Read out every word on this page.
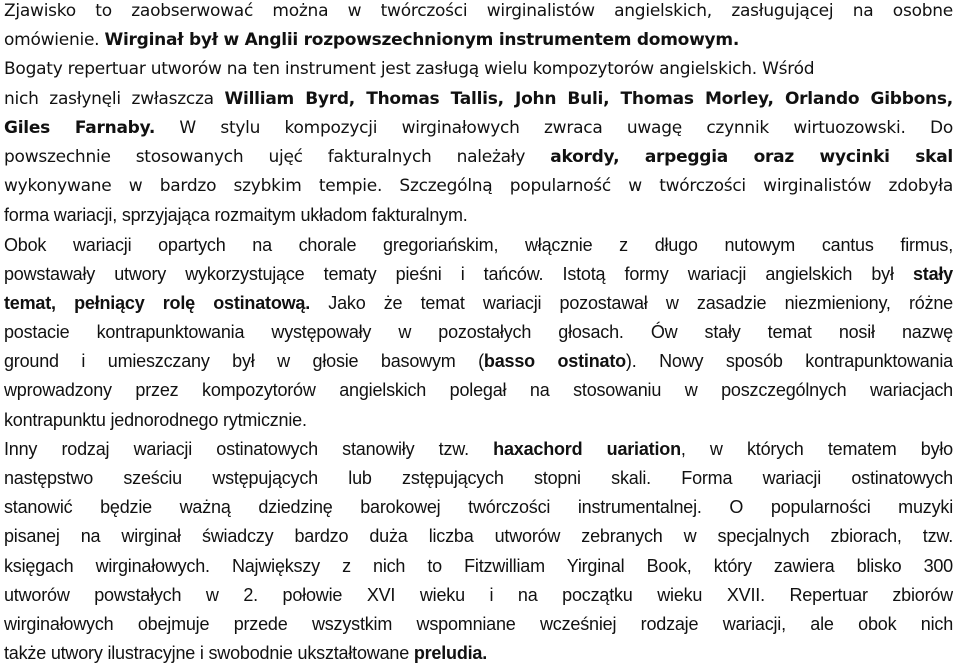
Zjawisko to zaobserwować można w twórczości wirginalistów angielskich, zasługującej na osobne
omówienie. Wirginał był w Anglii rozpowszechnionym instrumentem domowym.
Bogaty repertuar utworów na ten instrument jest zasługą wielu kompozytorów angielskich. Wśród
nich zasłynęli zwłaszcza William Byrd, Thomas Tallis, John Buli, Thomas Morley, Orlando Gibbons,
Giles Farnaby. W stylu kompozycji wirginałowych zwraca uwagę czynnik wirtuozowski. Do
powszechnie stosowanych ujęć fakturalnych należały akordy, arpeggia oraz wycinki skal
wykonywane w bardzo szybkim tempie. Szczególną popularność w twórczości wirginalistów zdobyła
forma wariacji, sprzyjająca rozmaitym układom fakturalnym.
Obok wariacji opartych na chorale gregoriańskim, włącznie z długo nutowym cantus firmus,
powstawały utwory wykorzystujące tematy pieśni i tańców. Istotą formy wariacji angielskich był stały
temat, pełniący rolę ostinatową. Jako że temat wariacji pozostawał w zasadzie niezmieniony, różne
postacie kontrapunktowania występowały w pozostałych głosach. Ów stały temat nosił nazwę
ground i umieszczany był w głosie basowym (basso ostinato). Nowy sposób kontrapunktowania
wprowadzony przez kompozytorów angielskich polegał na stosowaniu w poszczególnych wariacjach
kontrapunktu jednorodnego rytmicznie.
Inny rodzaj wariacji ostinatowych stanowiły tzw. haxachord uariation, w których tematem było
następstwo sześciu wstępujących lub zstępujących stopni skali. Forma wariacji ostinatowych
stanowić będzie ważną dziedzinę barokowej twórczości instrumentalnej. O popularności muzyki
pisanej na wirginał świadczy bardzo duża liczba utworów zebranych w specjalnych zbiorach, tzw.
księgach wirginałowych. Największy z nich to Fitzwilliam Yirginal Book, który zawiera blisko 300
utworów powstałych w 2. połowie XVI wieku i na początku wieku XVII. Repertuar zbiorów
wirginałowych obejmuje przede wszystkim wspomniane wcześniej rodzaje wariacji, ale obok nich
także utwory ilustracyjne i swobodnie ukształtowane preludia.
